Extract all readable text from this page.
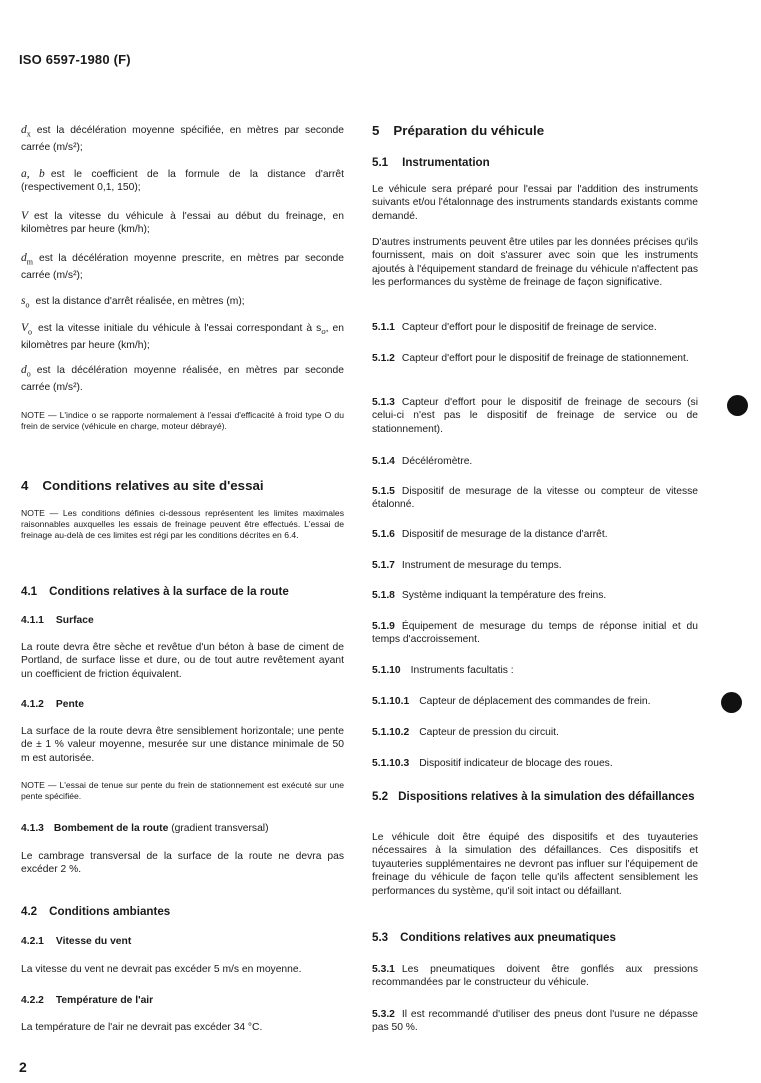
ISO 6597-1980 (F)

$d_x$ est la décélération moyenne spécifiée, en mètres par seconde carrée (m/s²);

a, b est le coefficient de la formule de la distance d'arrêt (respectivement 0,1, 150);

V est la vitesse du véhicule à l'essai au début du freinage, en kilomètres par heure (km/h);

$d_m$ est la décélération moyenne prescrite, en mètres par seconde carrée (m/s²);

$s_o$ est la distance d'arrêt réalisée, en mètres (m);

$V_o$ est la vitesse initiale du véhicule à l'essai correspondant à $s_o$, en kilomètres par heure (km/h);

$d_o$ est la décélération moyenne réalisée, en mètres par seconde carrée (m/s²).

NOTE — L'indice o se rapporte normalement à l'essai d'efficacité à froid type O du frein de service (véhicule en charge, moteur débrayé).

4 Conditions relatives au site d'essai

NOTE — Les conditions définies ci-dessous représentent les limites maximales raisonnables auxquelles les essais de freinage peuvent être effectués. L'essai de freinage au-delà de ces limites est régi par les conditions décrites en 6.4.

4.1 Conditions relatives à la surface de la route
4.1.1 Surface

La route devra être sèche et revêtue d'un béton à base de ciment de Portland, de surface lisse et dure, ou de tout autre revêtement ayant un coefficient de friction équivalent.

4.1.2 Pente

La surface de la route devra être sensiblement horizontale; une pente de ± 1 % valeur moyenne, mesurée sur une distance minimale de 50 m est autorisée.

NOTE — L'essai de tenue sur pente du frein de stationnement est exécuté sur une pente spécifiée.

4.1.3 Bombement de la route (gradient transversal)

Le cambrage transversal de la surface de la route ne devra pas excéder 2 %.

4.2 Conditions ambiantes
4.2.1 Vitesse du vent

La vitesse du vent ne devrait pas excéder 5 m/s en moyenne.

4.2.2 Température de l'air

La température de l'air ne devrait pas excéder 34 °C.

5 Préparation du véhicule
5.1 Instrumentation

Le véhicule sera préparé pour l'essai par l'addition des instruments suivants et/ou l'étalonnage des instruments standards existants comme demandé.

D'autres instruments peuvent être utiles par les données précises qu'ils fournissent, mais on doit s'assurer avec soin que les instruments ajoutés à l'équipement standard de freinage du véhicule n'affectent pas les performances du système de freinage de façon significative.

5.1.1 Capteur d'effort pour le dispositif de freinage de service.

5.1.2 Capteur d'effort pour le dispositif de freinage de stationnement.

5.1.3 Capteur d'effort pour le dispositif de freinage de secours (si celui-ci n'est pas le dispositif de freinage de service ou de stationnement).

5.1.4 Décéléromètre.

5.1.5 Dispositif de mesurage de la vitesse ou compteur de vitesse étalonné.

5.1.6 Dispositif de mesurage de la distance d'arrêt.

5.1.7 Instrument de mesurage du temps.

5.1.8 Système indiquant la température des freins.

5.1.9 Équipement de mesurage du temps de réponse initial et du temps d'accroissement.

5.1.10 Instruments facultatis :

5.1.10.1 Capteur de déplacement des commandes de frein.

5.1.10.2 Capteur de pression du circuit.

5.1.10.3 Dispositif indicateur de blocage des roues.

5.2 Dispositions relatives à la simulation des défaillances

Le véhicule doit être équipé des dispositifs et des tuyauteries nécessaires à la simulation des défaillances. Ces dispositifs et tuyauteries supplémentaires ne devront pas influer sur l'équipement de freinage du véhicule de façon telle qu'ils affectent sensiblement les performances du système, qu'il soit intact ou défaillant.

5.3 Conditions relatives aux pneumatiques

5.3.1 Les pneumatiques doivent être gonflés aux pressions recommandées par le constructeur du véhicule.

5.3.2 Il est recommandé d'utiliser des pneus dont l'usure ne dépasse pas 50 %.

2
